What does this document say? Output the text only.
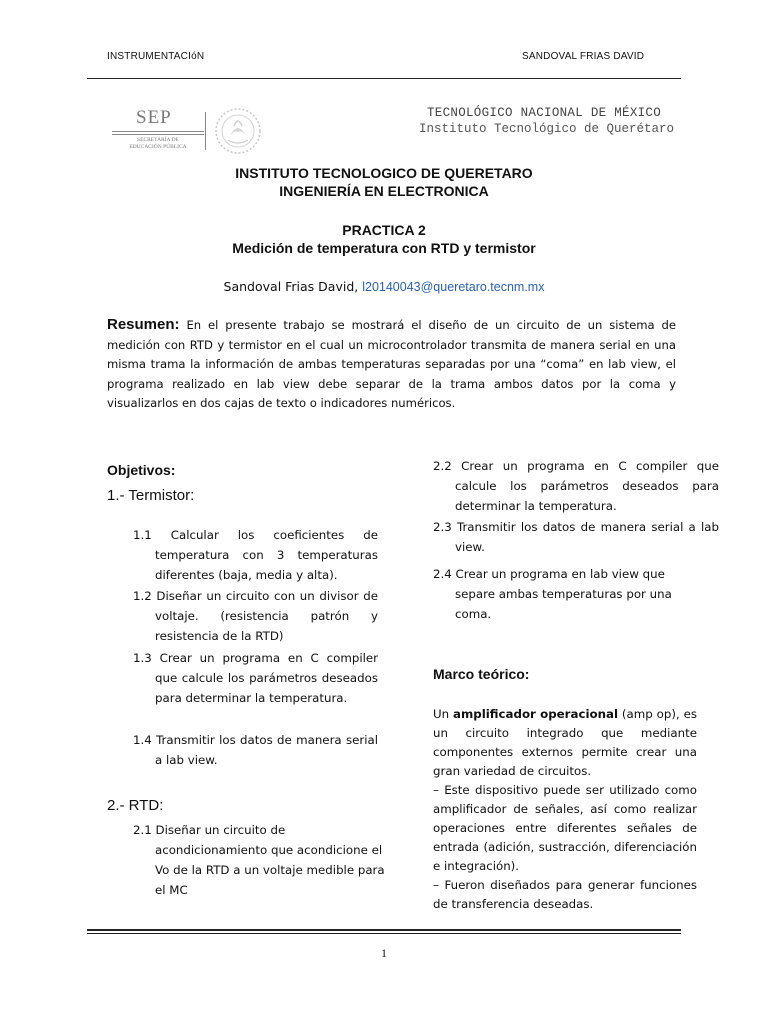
INSTRUMENTACIóN	SANDOVAL FRIAS DAVID
SEP
SECRETARÍA DE
EDUCACIÓN PÚBLICA
TECNOLÓGICO NACIONAL DE MÉXICO
Instituto Tecnológico de Querétaro
INSTITUTO TECNOLOGICO DE QUERETARO
INGENIERÍA EN ELECTRONICA
PRACTICA 2
Medición de temperatura con RTD y termistor
Sandoval Frias David, l20140043@queretaro.tecnm.mx
Resumen: En el presente trabajo se mostrará el diseño de un circuito de un sistema de medición con RTD y termistor en el cual un microcontrolador transmita de manera serial en una misma trama la información de ambas temperaturas separadas por una “coma” en lab view, el programa realizado en lab view debe separar de la trama ambos datos por la coma y visualizarlos en dos cajas de texto o indicadores numéricos.
Objetivos:
1.- Termistor:
1.1 Calcular los coeficientes de temperatura con 3 temperaturas diferentes (baja, media y alta).
1.2 Diseñar un circuito con un divisor de voltaje. (resistencia patrón y resistencia de la RTD)
1.3 Crear un programa en C compiler que calcule los parámetros deseados para determinar la temperatura.
1.4 Transmitir los datos de manera serial a lab view.
2.- RTD:
2.1 Diseñar un circuito de acondicionamiento que acondicione el Vo de la RTD a un voltaje medible para el MC
2.2 Crear un programa en C compiler que calcule los parámetros deseados para determinar la temperatura.
2.3 Transmitir los datos de manera serial a lab view.
2.4 Crear un programa en lab view que separe ambas temperaturas por una coma.
Marco teórico:
Un amplificador operacional (amp op), es un circuito integrado que mediante componentes externos permite crear una gran variedad de circuitos.
– Este dispositivo puede ser utilizado como amplificador de señales, así como realizar operaciones entre diferentes señales de entrada (adición, sustracción, diferenciación e integración).
– Fueron diseñados para generar funciones de transferencia deseadas.
1
